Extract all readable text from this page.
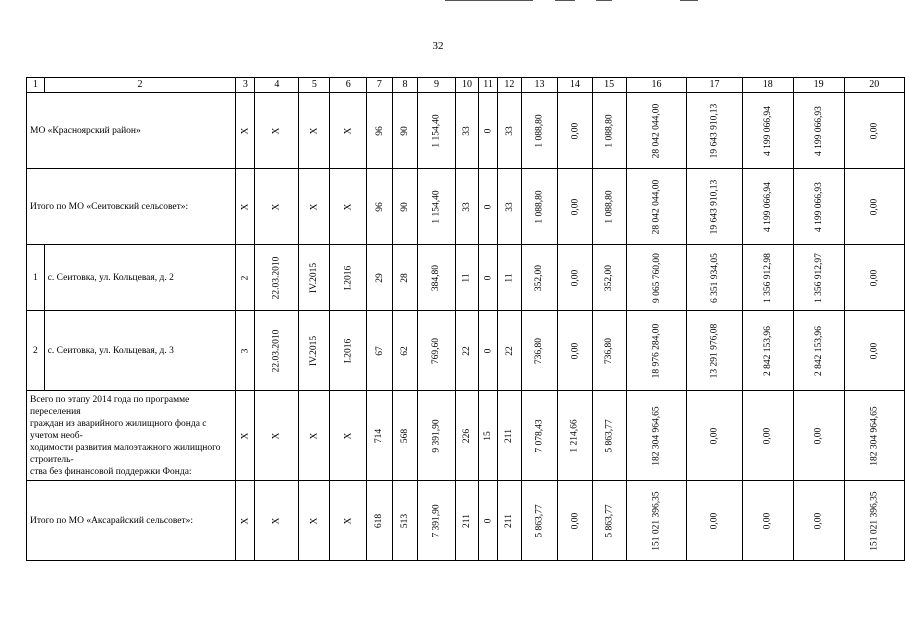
32
1	2	3	4	5	6	7	8	9	10	11	12	13	14	15	16	17	18	19	20

МО «Красноярский район»		Х	Х	Х	Х	96	90	1 154,40	33	0	33	1 088,80	0,00	1 088,80	28 042 044,00	19 643 910,13	4 199 066,94	4 199 066,93	0,00

Итого по МО «Сеитовский сельсовет»:		Х	Х	Х	Х	96	90	1 154,40	33	0	33	1 088,80	0,00	1 088,80	28 042 044,00	19 643 910,13	4 199 066,94	4 199 066,93	0,00
1	с. Сеитовка, ул. Кольцевая, д. 2	2	22.03.2010	IV.2015	I.2016	29	28	384,80	11	0	11	352,00	0,00	352,00	9 065 760,00	6 351 934,05	1 356 912,98	1 356 912,97	0,00
2	с. Сеитовка, ул. Кольцевая, д. 3	3	22.03.2010	IV.2015	I.2016	67	62	769,60	22	0	22	736,80	0,00	736,80	18 976 284,00	13 291 976,08	2 842 153,96	2 842 153,96	0,00

Всего по этапу 2014 года по программе переселения
граждан из аварийного жилищного фонда с учетом необ-
ходимости развития малоэтажного жилищного строитель-
ства без финансовой поддержки Фонда:		Х	Х	Х	Х	714	568	9 391,90	226	15	211	7 078,43	1 214,66	5 863,77	182 304 964,65	0,00	0,00	0,00	182 304 964,65

Итого по МО «Аксарайский сельсовет»:		Х	Х	Х	Х	618	513	7 391,90	211	0	211	5 863,77	0,00	5 863,77	151 021 396,35	0,00	0,00	0,00	151 021 396,35
